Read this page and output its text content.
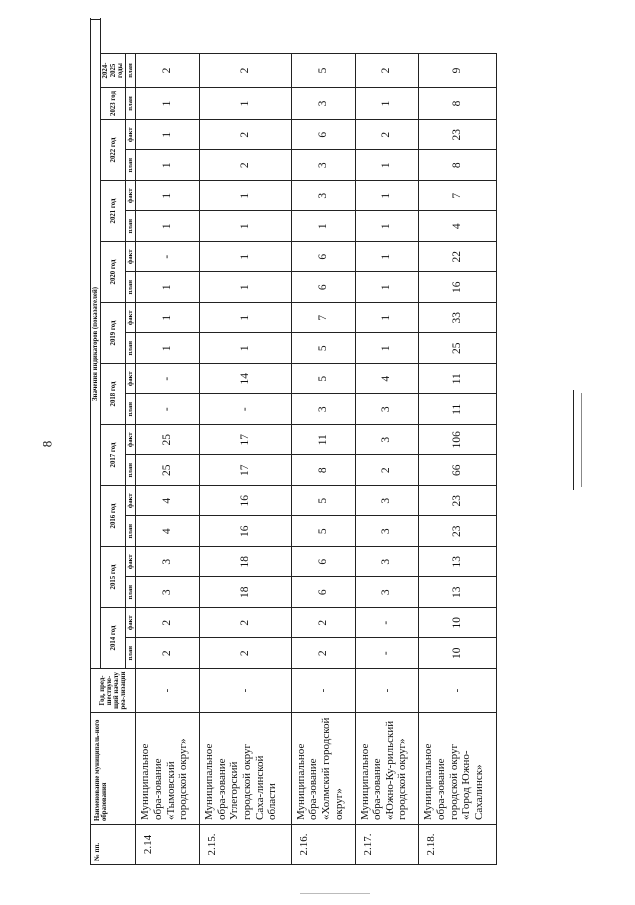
8
№ пп.	Наименование муниципаль-ного образования	Год, пред-шествую-щий началу реа-лизации	Значения индикаторов (показателей)																			
			2014 год		2015 год		2016 год		2017 год		2018 год		2019 год		2020 год		2021 год		2022 год		2023 год	2024-2025 годы
			план	факт	план	факт	план	факт	план	факт	план	факт	план	факт	план	факт	план	факт	план	факт	план	план
2.14	Муниципальное обра-зование «Тымовский городской округ»	-	2	2	3	3	4	4	25	25	-	-	1	1	1	-	1	1	1	1	1	2
2.15.	Муниципальное обра-зование Углегорский городской округ Саха-линской области	-	2	2	18	18	16	16	17	17	-	14	1	1	1	1	1	1	2	2	1	2
2.16.	Муниципальное обра-зование «Холмский городской округ»	-	2	2	6	6	5	5	8	11	3	5	5	7	6	6	1	3	3	6	3	5
2.17.	Муниципальное обра-зование «Южно-Ку-рильский городской округ»	-	-	-	3	3	3	3	2	3	3	4	1	1	1	1	1	1	1	2	1	2
2.18.	Муниципальное обра-зование городской округ «Город Южно-Сахалинск»	-	10	10	13	13	23	23	66	106	11	11	25	33	16	22	4	7	8	23	8	9
